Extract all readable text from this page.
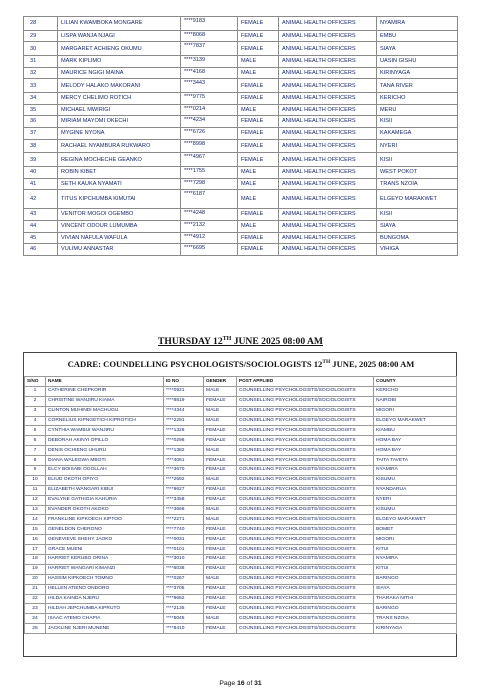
28	LILIAN KWAMBOKA MONGARE	****9183	FEMALE	ANIMAL HEALTH OFFICERS	NYAMIRA
29	LISPA WANJA NJAGI	****8068	FEMALE	ANIMAL HEALTH OFFICERS	EMBU
30	MARGARET ACHIENG OKUMU	****7837	FEMALE	ANIMAL HEALTH OFFICERS	SIAYA
31	MARK KIPLIMO	****3139	MALE	ANIMAL HEALTH OFFICERS	UASIN GISHU
32	MAURICE NGIGI MAINA	****4168	MALE	ANIMAL HEALTH OFFICERS	KIRINYAGA
33	MELODY HALAKO MAKORANI	****3443	FEMALE	ANIMAL HEALTH OFFICERS	TANA RIVER
34	MERCY CHELIMO ROTICH	****9775	FEMALE	ANIMAL HEALTH OFFICERS	KERICHO
35	MICHAEL MWIRIGI	****0214	MALE	ANIMAL HEALTH OFFICERS	MERU
36	MIRIAM MAYOMI OKECHI	****4234	FEMALE	ANIMAL HEALTH OFFICERS	KISII
37	MYGINE NYONA	****6726	FEMALE	ANIMAL HEALTH OFFICERS	KAKAMEGA
38	RACHAEL NYAMBURA RUKWARO	****8998	FEMALE	ANIMAL HEALTH OFFICERS	NYERI
39	REGINA MOCHECHE GEANKO	****4967	FEMALE	ANIMAL HEALTH OFFICERS	KISII
40	ROBIN KIBET	****1755	MALE	ANIMAL HEALTH OFFICERS	WEST POKOT
41	SETH KAUKA NYAMATI	****7298	MALE	ANIMAL HEALTH OFFICERS	TRANS NZOIA
42	TITUS KIPCHUMBA KIMUTAI	****6187	MALE	ANIMAL HEALTH OFFICERS	ELGEYO MARAKWET
43	VENITOR MOGOI OGEMBO	****4248	FEMALE	ANIMAL HEALTH OFFICERS	KISII
44	VINCENT ODOUR LUMUMBA	****2132	MALE	ANIMAL HEALTH OFFICERS	SIAYA
45	VIVIAN NAFULA WAFULA	****4912	FEMALE	ANIMAL HEALTH OFFICERS	BUNGOMA
46	VULIMU ANNASTAR	****6695	FEMALE	ANIMAL HEALTH OFFICERS	VIHIGA
THURSDAY 12TH JUNE 2025 08:00 AM
CADRE: COUNDELLING PSYCHOLOGISTS/SOCIOLOGISTS 12TH JUNE, 2025 08:00 AM
S/NO	NAME	ID NO	GENDER	POST APPLIED	COUNTY
1	CATHERINE CHEPKORIR	****0921	MALE	COUNSELLING PSYCHOLOGISTS/SOCIOLOGISTS	KERICHO
2	CHRISTINE WANJIRU KIAMA	****8819	FEMALE	COUNSELLING PSYCHOLOGISTS/SOCIOLOGISTS	NAIROBI
3	CLINTON MUHINDI MACHUGU	****4344	MALE	COUNSELLING PSYCHOLOGISTS/SOCIOLOGISTS	MIGORI
4	CORNELIUS KIPNGETICH KIPROTICH	****2291	MALE	COUNSELLING PSYCHOLOGISTS/SOCIOLOGISTS	ELGEYO MARAKWET
5	CYNTHIA WAMBUI WANJIRU	****1326	FEMALE	COUNSELLING PSYCHOLOGISTS/SOCIOLOGISTS	KIAMBU
6	DEBORAH AKINYI OPILLO	****0296	FEMALE	COUNSELLING PSYCHOLOGISTS/SOCIOLOGISTS	HOMA BAY
7	DENIS OCHIENG UHURU	****1382	MALE	COUNSELLING PSYCHOLOGISTS/SOCIOLOGISTS	HOMA BAY
8	DIANA WALEGWA MBOTI	****4061	FEMALE	COUNSELLING PSYCHOLOGISTS/SOCIOLOGISTS	TAITA TAVETA
9	ELCY BOISABI OGOLLAH	****3670	FEMALE	COUNSELLING PSYCHOLOGISTS/SOCIOLOGISTS	NYAMIRA
10	ELIUD OKOTH OPIYO	****2692	MALE	COUNSELLING PSYCHOLOGISTS/SOCIOLOGISTS	KISUMU
11	ELIZABETH WANGARI KIBUI	****9627	FEMALE	COUNSELLING PSYCHOLOGISTS/SOCIOLOGISTS	NYANDARUA
12	EVALYNE GATHIGIA KAHURIA	****3458	FEMALE	COUNSELLING PSYCHOLOGISTS/SOCIOLOGISTS	NYERI
13	EVANDER OKOTH AKOKO	****3668	MALE	COUNSELLING PSYCHOLOGISTS/SOCIOLOGISTS	KISUMU
14	FRANKLINE KIPKOECH KIPTOO	****2271	MALE	COUNSELLING PSYCHOLOGISTS/SOCIOLOGISTS	ELGEYO MARAKWET
15	GENELDON CHERONO	****7740	FEMALE	COUNSELLING PSYCHOLOGISTS/SOCIOLOGISTS	BOMET
16	GENEVIEVE SHEHY JAOKO	****0031	FEMALE	COUNSELLING PSYCHOLOGISTS/SOCIOLOGISTS	MIGORI
17	GRACE MUENI	****0101	FEMALE	COUNSELLING PSYCHOLOGISTS/SOCIOLOGISTS	KITUI
18	HARRIET KERUBO ORINA	****3010	FEMALE	COUNSELLING PSYCHOLOGISTS/SOCIOLOGISTS	NYAMIRA
19	HARRIET WANGARI KIMANZI	****6038	FEMALE	COUNSELLING PSYCHOLOGISTS/SOCIOLOGISTS	KITUI
20	HASSIM KIPKOECH TOMNO	****0267	MALE	COUNSELLING PSYCHOLOGISTS/SOCIOLOGISTS	BARINGO
21	HELLEN ATIENO ONDORO	****3705	FEMALE	COUNSELLING PSYCHOLOGISTS/SOCIOLOGISTS	SIAYA
22	HILDA KAINDA NJERU	****9652	FEMALE	COUNSELLING PSYCHOLOGISTS/SOCIOLOGISTS	THARAKA NITHI
23	HILDAH JEPCHUMBA KIPRUTO	****2135	FEMALE	COUNSELLING PSYCHOLOGISTS/SOCIOLOGISTS	BARINGO
24	ISAAC ATEMO CHAPIA	****5045	MALE	COUNSELLING PSYCHOLOGISTS/SOCIOLOGISTS	TRANS NZOIA
25	JACKLINE NJERI MUNENE	****8410	FEMALE	COUNSELLING PSYCHOLOGISTS/SOCIOLOGISTS	KIRINYAGA
Page 16 of 31
